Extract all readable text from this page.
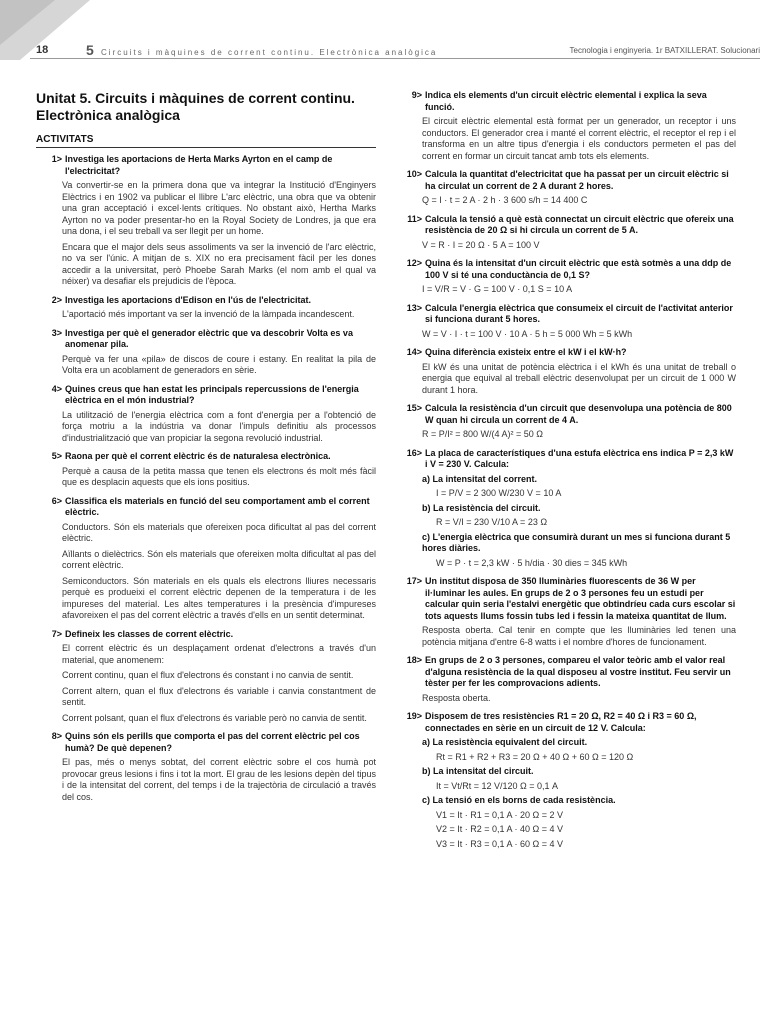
18	5 Circuits i màquines de corrent continu. Electrònica analògica	Tecnologia i enginyeria. 1r BATXILLERAT. Solucionari
Unitat 5. Circuits i màquines de corrent continu. Electrònica analògica
ACTIVITATS
1> Investiga les aportacions de Herta Marks Ayrton en el camp de l'electricitat?

Va convertir-se en la primera dona que va integrar la Institució d'Enginyers Elèctrics i en 1902 va publicar el llibre L'arc elèctric, una obra que va obtenir una gran acceptació i excel·lents crítiques. No obstant això, Hertha Marks Ayrton no va poder presentar-ho en la Royal Society de Londres, ja que era una dona, i el seu treball va ser llegit per un home.

Encara que el major dels seus assoliments va ser la invenció de l'arc elèctric, no va ser l'únic. A mitjan de s. XIX no era precisament fàcil per les dones accedir a la universitat, però Phoebe Sarah Marks (el nom amb el qual va néixer) va desafiar els prejudicis de l'època.

2> Investiga les aportacions d'Edison en l'ús de l'electricitat.

L'aportació més important va ser la invenció de la làmpada incandescent.

3> Investiga per què el generador elèctric que va descobrir Volta es va anomenar pila.

Perquè va fer una «pila» de discos de coure i estany. En realitat la pila de Volta era un acoblament de generadors en sèrie.

4> Quines creus que han estat les principals repercussions de l'energia elèctrica en el món industrial?

La utilització de l'energia elèctrica com a font d'energia per a l'obtenció de força motriu a la indústria va donar l'impuls definitiu als processos d'industrialització que van propiciar la segona revolució industrial.

5> Raona per què el corrent elèctric és de naturalesa electrònica.

Perquè a causa de la petita massa que tenen els electrons és molt més fàcil que es desplacin aquests que els ions positius.

6> Classifica els materials en funció del seu comportament amb el corrent elèctric.

Conductors. Són els materials que ofereixen poca dificultat al pas del corrent elèctric.

Aïllants o dielèctrics. Són els materials que ofereixen molta dificultat al pas del corrent elèctric.

Semiconductors. Són materials en els quals els electrons lliures necessaris perquè es produeixi el corrent elèctric depenen de la temperatura i de les impureses del material. Les altes temperatures i la presència d'impureses afavoreixen el pas del corrent elèctric a través d'ells en un sentit determinat.

7> Defineix les classes de corrent elèctric.

El corrent elèctric és un desplaçament ordenat d'electrons a través d'un material, que anomenem:

Corrent continu, quan el flux d'electrons és constant i no canvia de sentit.

Corrent altern, quan el flux d'electrons és variable i canvia constantment de sentit.

Corrent polsant, quan el flux d'electrons és variable però no canvia de sentit.

8> Quins són els perills que comporta el pas del corrent elèctric pel cos humà? De què depenen?

El pas, més o menys sobtat, del corrent elèctric sobre el cos humà pot provocar greus lesions i fins i tot la mort. El grau de les lesions depèn del tipus i de la intensitat del corrent, del temps i de la trajectòria de circulació a través del cos.

9> Indica els elements d'un circuit elèctric elemental i explica la seva funció.

El circuit elèctric elemental està format per un generador, un receptor i uns conductors. El generador crea i manté el corrent elèctric, el receptor el rep i el transforma en un altre tipus d'energia i els conductors permeten el pas del corrent en formar un circuit tancat amb tots els elements.

10> Calcula la quantitat d'electricitat que ha passat per un circuit elèctric si ha circulat un corrent de 2 A durant 2 hores.
Q = I · t = 2 A · 2 h · 3 600 s/h = 14 400 C
11> Calcula la tensió a què està connectat un circuit elèctric que ofereix una resistència de 20 Ω si hi circula un corrent de 5 A.
V = R · I = 20 Ω · 5 A = 100 V
12> Quina és la intensitat d'un circuit elèctric que està sotmès a una ddp de 100 V si té una conductància de 0,1 S?
I = V/R = V · G = 100 V · 0,1 S = 10 A
13> Calcula l'energia elèctrica que consumeix el circuit de l'activitat anterior si funciona durant 5 hores.
W = V · I · t = 100 V · 10 A · 5 h = 5 000 Wh = 5 kWh
14> Quina diferència existeix entre el kW i el kW·h?

El kW és una unitat de potència elèctrica i el kWh és una unitat de treball o energia que equival al treball elèctric desenvolupat per un circuit de 1 000 W durant 1 hora.

15> Calcula la resistència d'un circuit que desenvolupa una potència de 800 W quan hi circula un corrent de 4 A.
R = P/I² = 800 W/(4 A)² = 50 Ω
16> La placa de característiques d'una estufa elèctrica ens indica P = 2,3 kW i V = 230 V. Calcula:
a) La intensitat del corrent.
I = P/V = 2 300 W/230 V = 10 A
b) La resistència del circuit.
R = V/I = 230 V/10 A = 23 Ω
c) L'energia elèctrica que consumirà durant un mes si funciona durant 5 hores diàries.
W = P · t = 2,3 kW · 5 h/dia · 30 dies = 345 kWh
17> Un institut disposa de 350 lluminàries fluorescents de 36 W per il·luminar les aules. En grups de 2 o 3 persones feu un estudi per calcular quin seria l'estalvi energètic que obtindríeu cada curs escolar si tots aquests llums fossin tubs led i fessin la mateixa quantitat de llum.

Resposta oberta. Cal tenir en compte que les lluminàries led tenen una potència mitjana d'entre 6-8 watts i el nombre d'hores de funcionament.

18> En grups de 2 o 3 persones, compareu el valor teòric amb el valor real d'alguna resistència de la qual disposeu al vostre institut. Feu servir un tèster per fer les comprovacions adients.

Resposta oberta.

19> Disposem de tres resistències R1 = 20 Ω, R2 = 40 Ω i R3 = 60 Ω, connectades en sèrie en un circuit de 12 V. Calcula:
a) La resistència equivalent del circuit.
Rt = R1 + R2 + R3 = 20 Ω + 40 Ω + 60 Ω = 120 Ω
b) La intensitat del circuit.
It = Vt/Rt = 12 V/120 Ω = 0,1 A
c) La tensió en els borns de cada resistència.
V1 = It · R1 = 0,1 A · 20 Ω = 2 V
V2 = It · R2 = 0,1 A · 40 Ω = 4 V
V3 = It · R3 = 0,1 A · 60 Ω = 4 V
